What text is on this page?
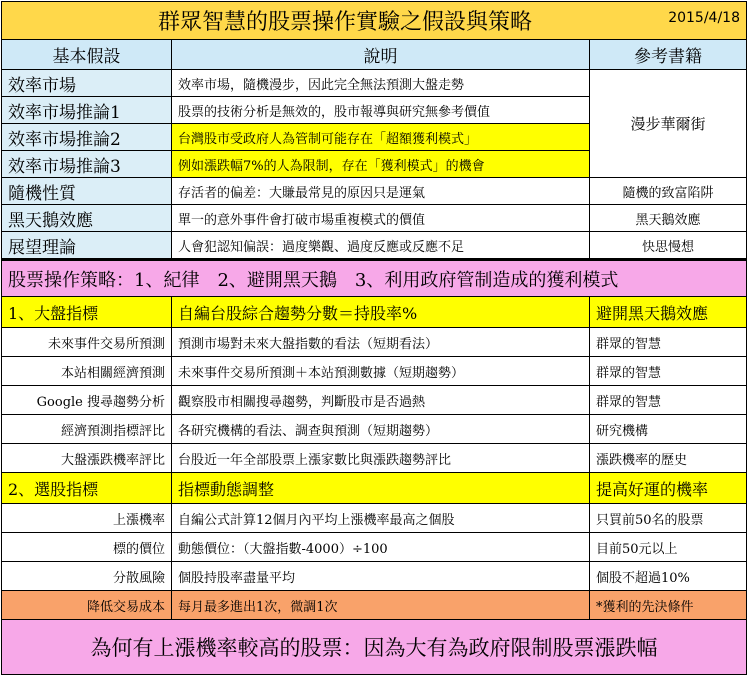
群眾智慧的股票操作實驗之假設與策略 2015/4/18		

基本假設	說明	參考書籍
效率市場	效率市場，隨機漫步，因此完全無法預測大盤走勢	漫步華爾街
效率市場推論1	股票的技術分析是無效的，股市報導與研究無參考價值	
效率市場推論2	台灣股市受政府人為管制可能存在「超額獲利模式」	
效率市場推論3	例如漲跌幅7%的人為限制，存在「獲利模式」的機會	
隨機性質	存活者的偏差：大賺最常見的原因只是運氣	隨機的致富陷阱
黑天鵝效應	單一的意外事件會打破市場重複模式的價值	黑天鵝效應
展望理論	人會犯認知偏誤：過度樂觀、過度反應或反應不足	快思慢想
股票操作策略：1、紀律　2、避開黑天鵝　3、利用政府管制造成的獲利模式		
1、大盤指標	自編台股綜合趨勢分數＝持股率%	避開黑天鵝效應
未來事件交易所預測	預測市場對未來大盤指數的看法（短期看法）	群眾的智慧
本站相關經濟預測	未來事件交易所預測＋本站預測數據（短期趨勢）	群眾的智慧
Google 搜尋趨勢分析	觀察股市相關搜尋趨勢，判斷股市是否過熱	群眾的智慧
經濟預測指標評比	各研究機構的看法、調查與預測（短期趨勢）	研究機構
大盤漲跌機率評比	台股近一年全部股票上漲家數比與漲跌趨勢評比	漲跌機率的歷史
2、選股指標	指標動態調整	提高好運的機率
上漲機率	自編公式計算12個月內平均上漲機率最高之個股	只買前50名的股票
標的價位	動態價位：（大盤指數-4000）÷100	目前50元以上
分散風險	個股持股率盡量平均	個股不超過10%
降低交易成本	每月最多進出1次，微調1次	*獲利的先決條件
為何有上漲機率較高的股票：因為大有為政府限制股票漲跌幅		
